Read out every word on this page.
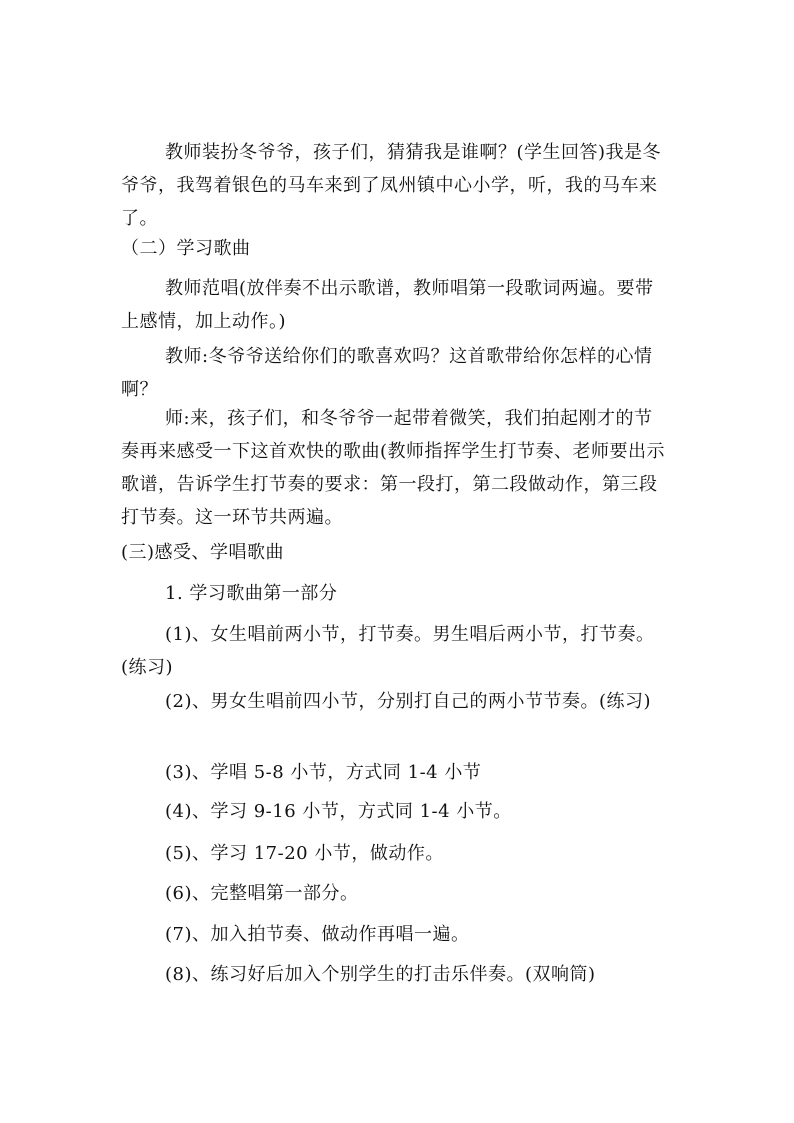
教师装扮冬爷爷，孩子们，猜猜我是谁啊？(学生回答)我是冬爷爷，我驾着银色的马车来到了凤州镇中心小学，听，我的马车来了。
（二）学习歌曲
教师范唱(放伴奏不出示歌谱，教师唱第一段歌词两遍。要带上感情，加上动作。)
教师:冬爷爷送给你们的歌喜欢吗？这首歌带给你怎样的心情啊？
师:来，孩子们，和冬爷爷一起带着微笑，我们拍起刚才的节奏再来感受一下这首欢快的歌曲(教师指挥学生打节奏、老师要出示歌谱，告诉学生打节奏的要求：第一段打，第二段做动作，第三段打节奏。这一环节共两遍。
(三)感受、学唱歌曲
1. 学习歌曲第一部分
(1)、女生唱前两小节，打节奏。男生唱后两小节，打节奏。(练习)
(2)、男女生唱前四小节，分别打自己的两小节节奏。(练习)
(3)、学唱 5-8 小节，方式同 1-4 小节
(4)、学习 9-16 小节，方式同 1-4 小节。
(5)、学习 17-20 小节，做动作。
(6)、完整唱第一部分。
(7)、加入拍节奏、做动作再唱一遍。
(8)、练习好后加入个别学生的打击乐伴奏。(双响筒)
